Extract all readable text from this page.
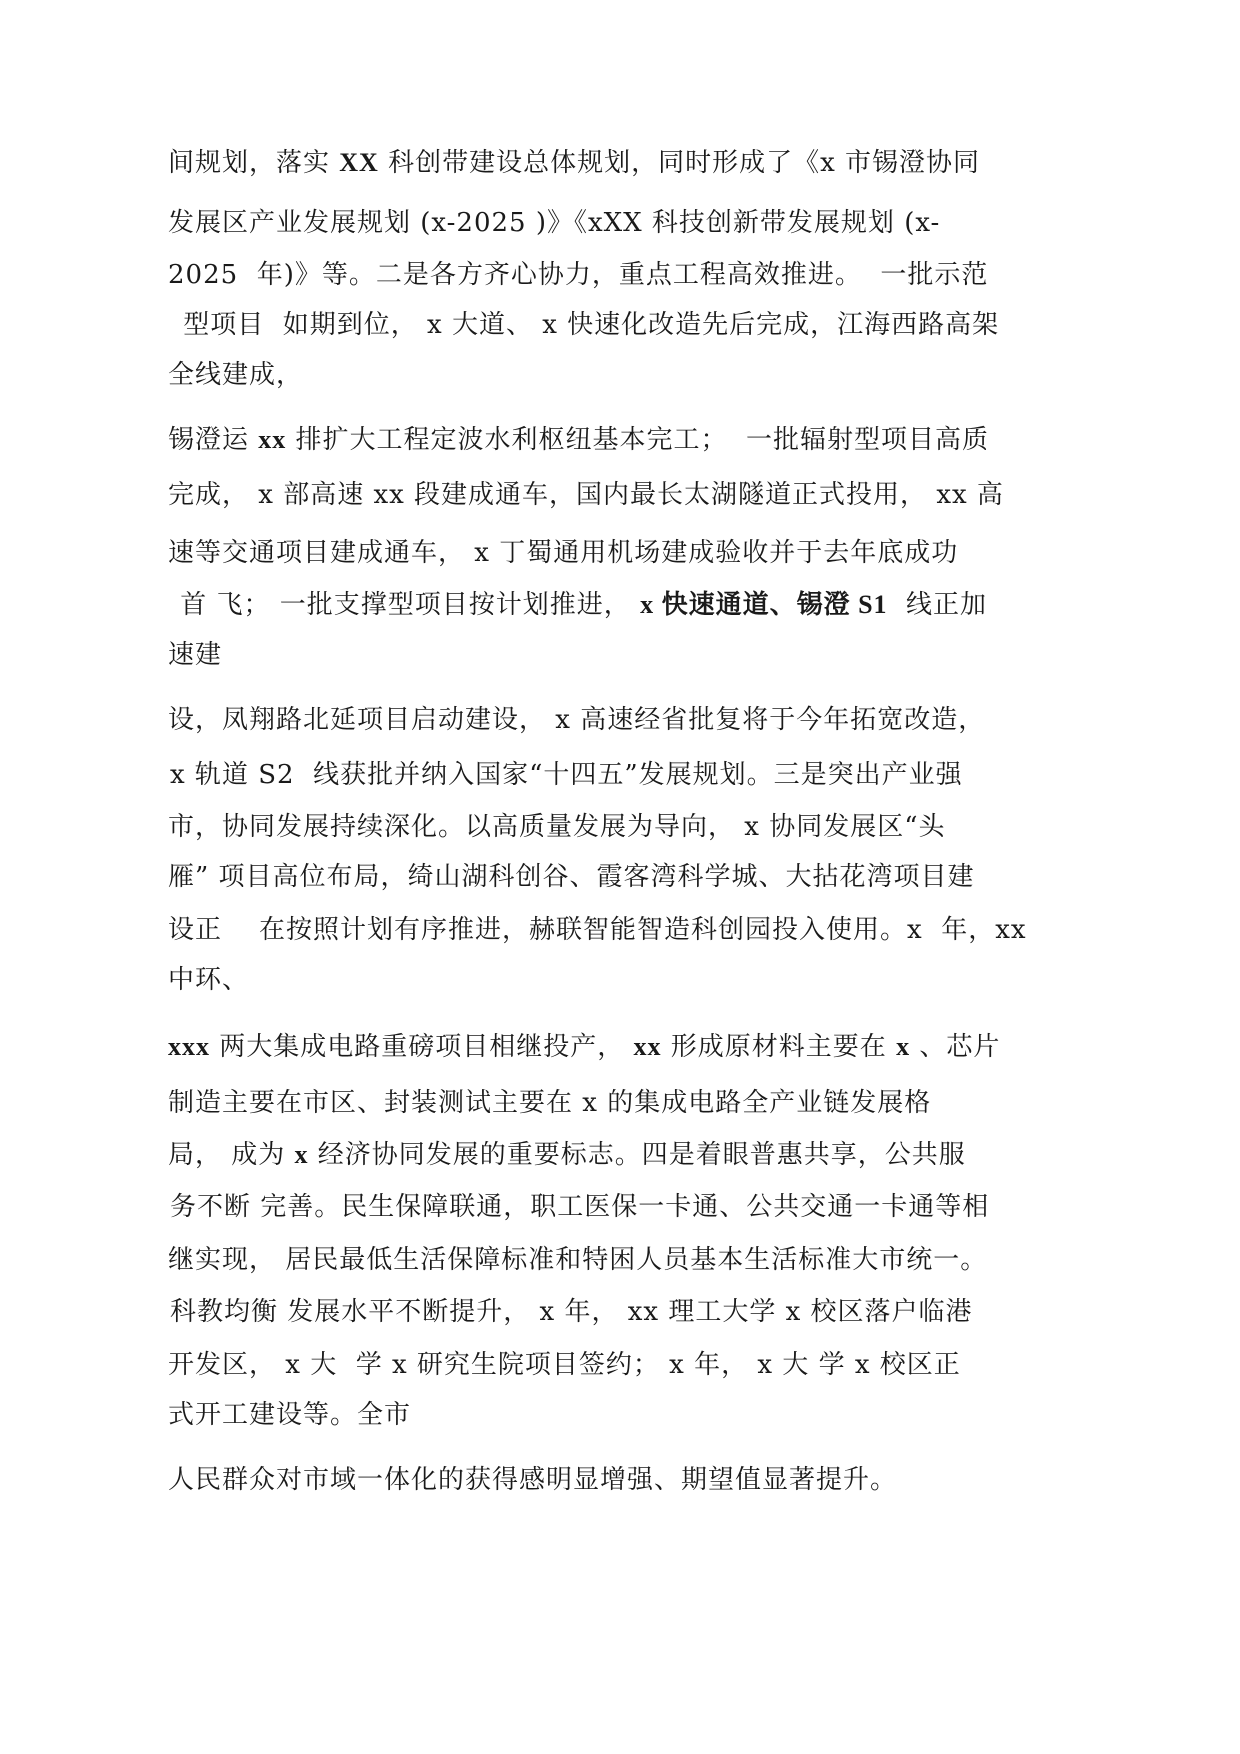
间规划，落实 XX 科创带建设总体规划，同时形成了《x 市锡澄协同
发展区产业发展规划 (x-2025 )》《xXX 科技创新带发展规划 (x-
2025  年)》等。二是各方齐心协力，重点工程高效推进。  一批示范
型项目  如期到位， x 大道、 x 快速化改造先后完成，江海西路高架
全线建成，
锡澄运 xx 排扩大工程定波水利枢纽基本完工；  一批辐射型项目高质
完成， x 部高速 xx 段建成通车，国内最长太湖隧道正式投用， xx 高
速等交通项目建成通车， x 丁蜀通用机场建成验收并于去年底成功
首 飞； 一批支撑型项目按计划推进， x 快速通道、锡澄 S1  线正加
速建
设，凤翔路北延项目启动建设， x 高速经省批复将于今年拓宽改造，
x 轨道 S2  线获批并纳入国家“十四五”发展规划。三是突出产业强
市，协同发展持续深化。以高质量发展为导向， x 协同发展区“头
雁” 项目高位布局，绮山湖科创谷、霞客湾科学城、大拈花湾项目建
设正    在按照计划有序推进，赫联智能智造科创园投入使用。x  年，xx
中环、
xxx 两大集成电路重磅项目相继投产， xx 形成原材料主要在 x 、芯片
制造主要在市区、封装测试主要在 x 的集成电路全产业链发展格
局， 成为 x 经济协同发展的重要标志。四是着眼普惠共享，公共服
务不断 完善。民生保障联通，职工医保一卡通、公共交通一卡通等相
继实现， 居民最低生活保障标准和特困人员基本生活标准大市统一。
科教均衡 发展水平不断提升， x 年， xx 理工大学 x 校区落户临港
开发区， x 大  学 x 研究生院项目签约； x 年， x 大 学 x 校区正
式开工建设等。全市
人民群众对市域一体化的获得感明显增强、期望值显著提升。
